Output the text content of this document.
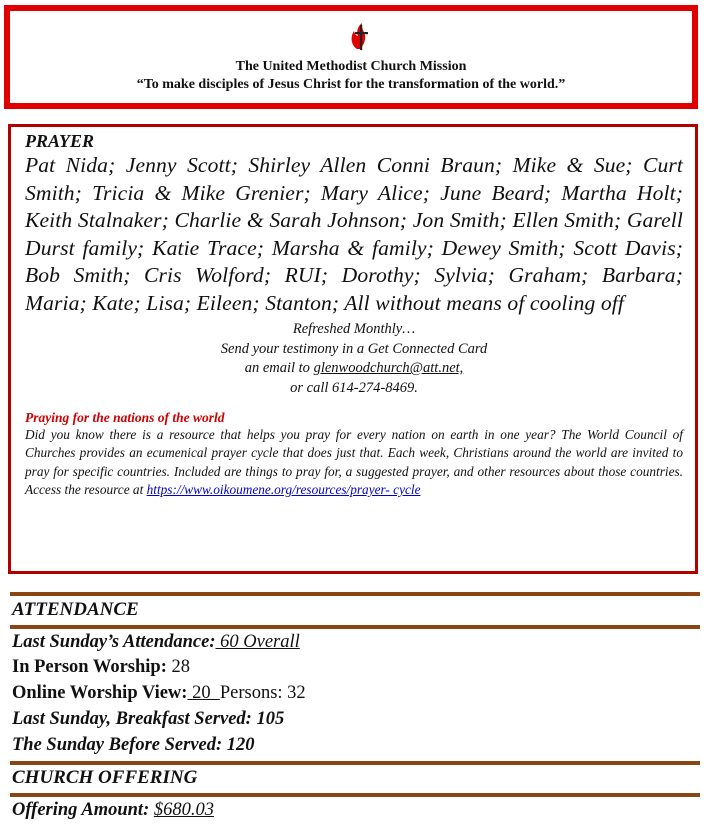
The United Methodist Church Mission
“To make disciples of Jesus Christ for the transformation of the world.”
PRAYER

Pat Nida; Jenny Scott; Shirley Allen Conni Braun; Mike & Sue; Curt Smith; Tricia & Mike Grenier; Mary Alice; June Beard; Martha Holt; Keith Stalnaker; Charlie & Sarah Johnson; Jon Smith; Ellen Smith; Garell Durst family; Katie Trace; Marsha & family; Dewey Smith; Scott Davis; Bob Smith; Cris Wolford; RUI; Dorothy; Sylvia; Graham; Barbara; Maria; Kate; Lisa; Eileen; Stanton; All without means of cooling off

Refreshed Monthly…
Send your testimony in a Get Connected Card
an email to glenwoodchurch@att.net,
or call 614-274-8469.
Praying for the nations of the world

Did you know there is a resource that helps you pray for every nation on earth in one year? The World Council of Churches provides an ecumenical prayer cycle that does just that. Each week, Christians around the world are invited to pray for specific countries. Included are things to pray for, a suggested prayer, and other resources about those countries. Access the resource at https://www.oikoumene.org/resources/prayer- cycle

ATTENDANCE
Last Sunday’s Attendance: 60 Overall
In Person Worship: 28
Online Worship View: 20  Persons: 32
Last Sunday, Breakfast Served: 105
The Sunday Before Served: 120
CHURCH OFFERING
Offering Amount: $680.03
